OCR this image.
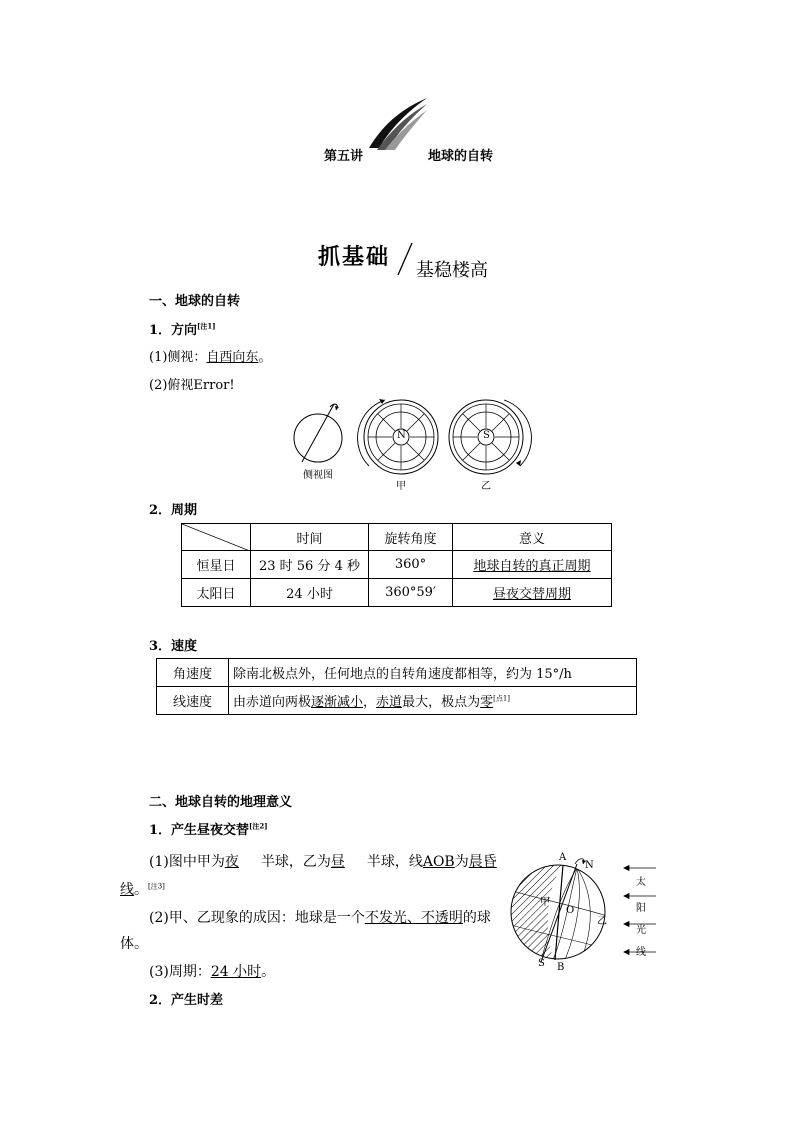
第五讲	地球的自转
抓基础
基稳楼高
一、地球的自转
1．方向[注1]
(1)侧视：自西向东。
(2)俯视Error!
侧视图
N
甲
S
乙
2．周期
	时间	旋转角度	意义
恒星日	23 时 56 分 4 秒	360°	地球自转的真正周期
太阳日	24 小时	360°59′	昼夜交替周期
3．速度
角速度	除南北极点外，任何地点的自转角速度都相等，约为 15°/h
线速度	由赤道向两极逐渐减小，赤道最大，极点为零[点1]
二、地球自转的地理意义
1．产生昼夜交替[注2]
(1)图中甲为夜 半球，乙为昼 半球，线AOB为晨昏
线。[注3]
(2)甲、乙现象的成因：地球是一个不发光、不透明的球
体。
(3)周期：24 小时。
2．产生时差
A
N
甲
O
乙
S B
太
阳
光
线
